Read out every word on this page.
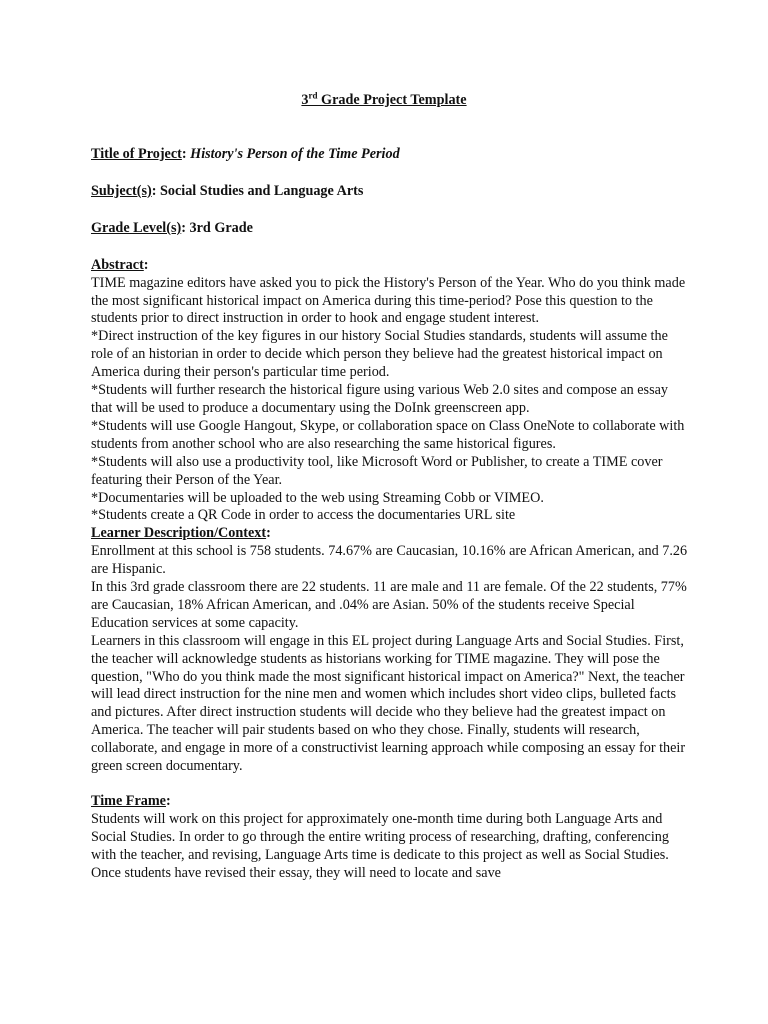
3rd Grade Project Template

Title of Project: History's Person of the Time Period

Subject(s): Social Studies and Language Arts

Grade Level(s): 3rd Grade

Abstract:

TIME magazine editors have asked you to pick the History's Person of the Year. Who do you think made the most significant historical impact on America during this time-period? Pose this question to the students prior to direct instruction in order to hook and engage student interest.

*Direct instruction of the key figures in our history Social Studies standards, students will assume the role of an historian in order to decide which person they believe had the greatest historical impact on America during their person's particular time period.

*Students will further research the historical figure using various Web 2.0 sites and compose an essay that will be used to produce a documentary using the DoInk greenscreen app.

*Students will use Google Hangout, Skype, or collaboration space on Class OneNote to collaborate with students from another school who are also researching the same historical figures.

*Students will also use a productivity tool, like Microsoft Word or Publisher, to create a TIME cover featuring their Person of the Year.

*Documentaries will be uploaded to the web using Streaming Cobb or VIMEO.

*Students create a QR Code in order to access the documentaries URL site

Learner Description/Context:

Enrollment at this school is 758 students. 74.67% are Caucasian, 10.16% are African American, and 7.26 are Hispanic.

In this 3rd grade classroom there are 22 students. 11 are male and 11 are female. Of the 22 students, 77% are Caucasian, 18% African American, and .04% are Asian. 50% of the students receive Special Education services at some capacity.

Learners in this classroom will engage in this EL project during Language Arts and Social Studies. First, the teacher will acknowledge students as historians working for TIME magazine. They will pose the question, "Who do you think made the most significant historical impact on America?" Next, the teacher will lead direct instruction for the nine men and women which includes short video clips, bulleted facts and pictures. After direct instruction students will decide who they believe had the greatest impact on America. The teacher will pair students based on who they chose. Finally, students will research, collaborate, and engage in more of a constructivist learning approach while composing an essay for their green screen documentary.

Time Frame:

Students will work on this project for approximately one-month time during both Language Arts and Social Studies. In order to go through the entire writing process of researching, drafting, conferencing with the teacher, and revising, Language Arts time is dedicate to this project as well as Social Studies. Once students have revised their essay, they will need to locate and save
